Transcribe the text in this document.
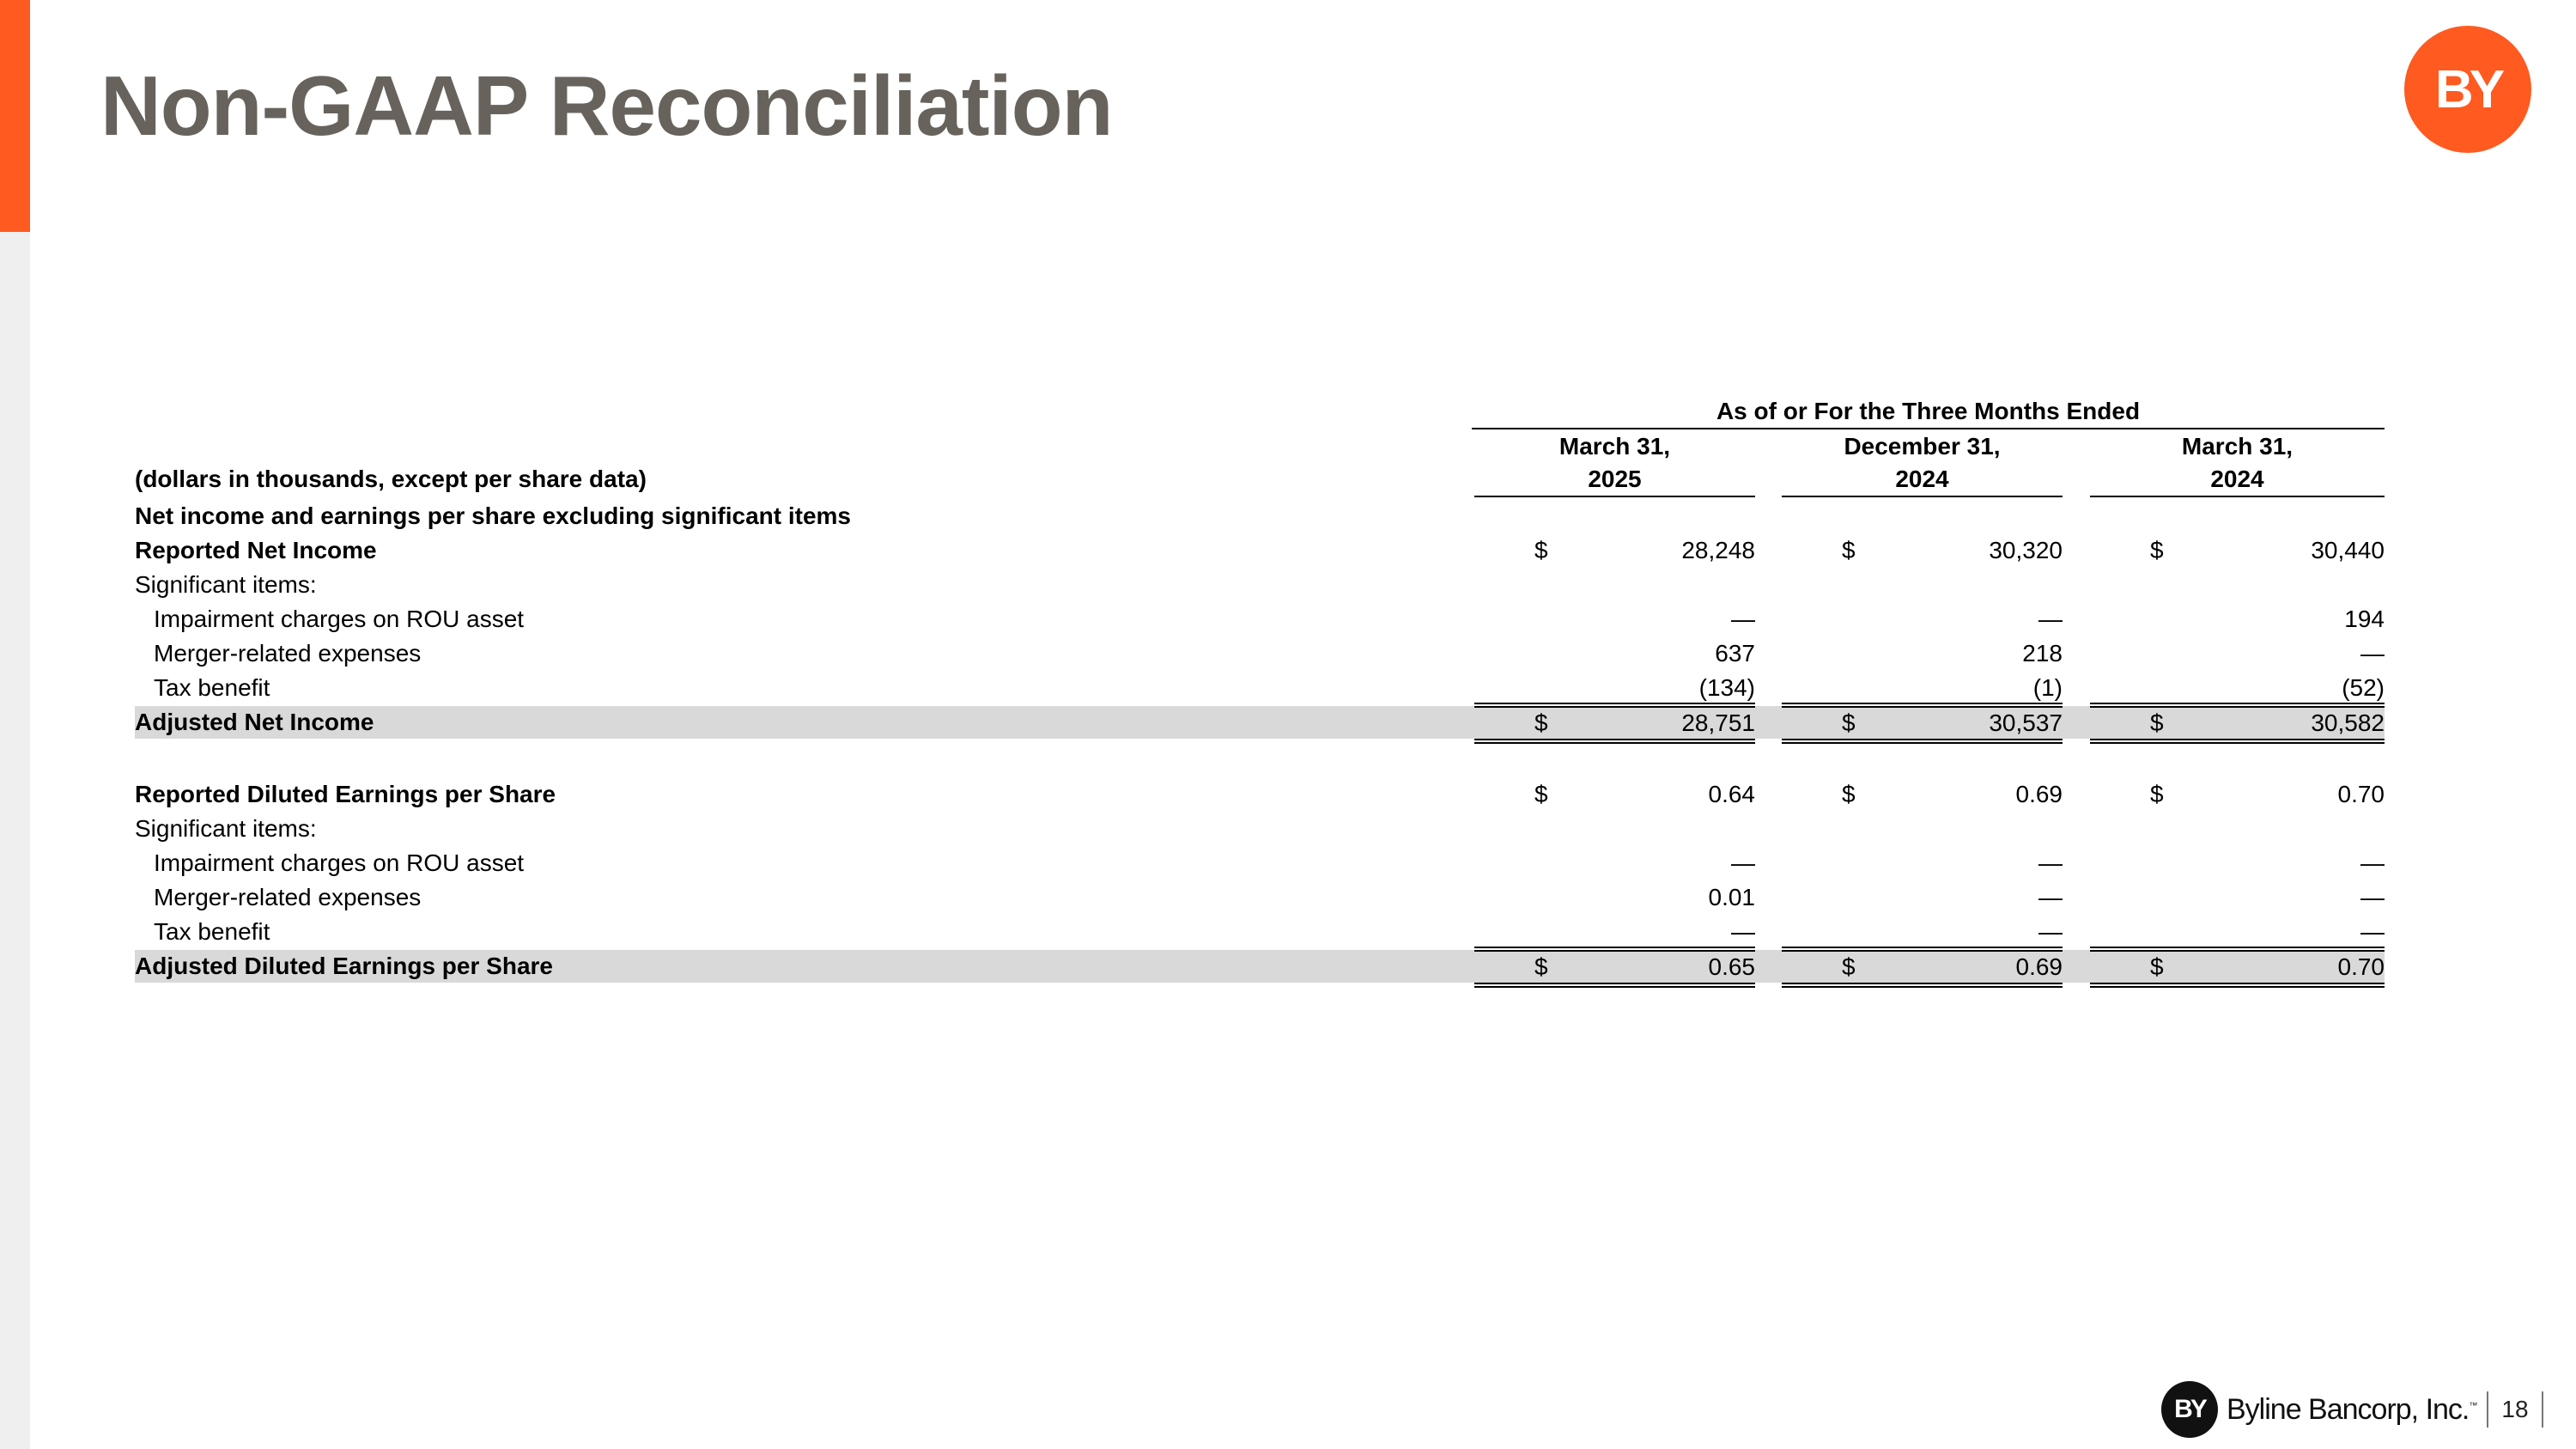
Non-GAAP Reconciliation	BY
As of or For the Three Months Ended
March 31,
2025
December 31,
2024
March 31,
2024
(dollars in thousands, except per share data)
Net income and earnings per share excluding significant items
Reported Net Income	$	28,248	$	30,320	$	30,440
Significant items:
Impairment charges on ROU asset	—	—	194
Merger-related expenses	637	218	—
Tax benefit	(134)	(1)	(52)
Adjusted Net Income	$	28,751	$	30,537	$	30,582
Reported Diluted Earnings per Share	$	0.64	$	0.69	$	0.70
Significant items:
Impairment charges on ROU asset	—	—	—
Merger-related expenses	0.01	—	—
Tax benefit	—	—	—
Adjusted Diluted Earnings per Share	$	0.65	$	0.69	$	0.70
BY Byline Bancorp, Inc.™	18
